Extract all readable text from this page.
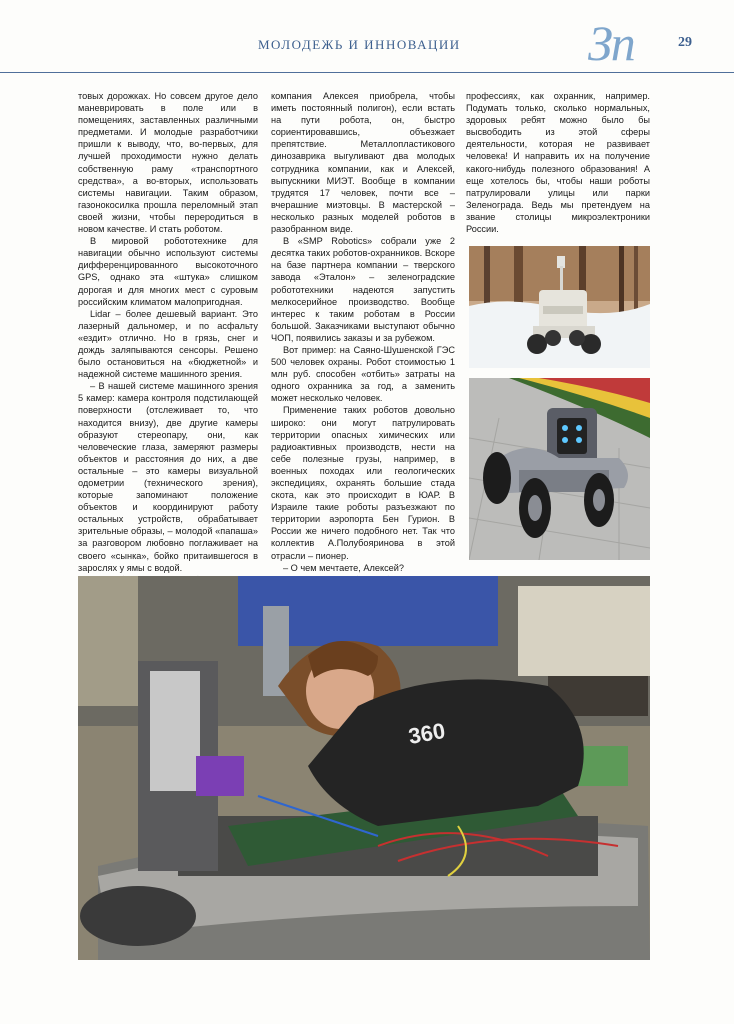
МОЛОДЕЖЬ И ИННОВАЦИИ	Зп	29

товых дорожках. Но совсем другое дело маневрировать в поле или в помещениях, заставленных различными предметами. И молодые разработчики пришли к выводу, что, во-первых, для лучшей проходимости нужно делать собственную раму «транспортного средства», а во-вторых, использовать системы навигации. Таким образом, газонокосилка прошла переломный этап своей жизни, чтобы переродиться в новом качестве. И стать роботом.

В мировой робототехнике для навигации обычно используют системы дифференцированного высокоточного GPS, однако эта «штука» слишком дорогая и для многих мест с суровым российским климатом малопригодная.

Lidar – более дешевый вариант. Это лазерный дальномер, и по асфальту «ездит» отлично. Но в грязь, снег и дождь заляпываются сенсоры. Решено было остановиться на «бюджетной» и надежной системе машинного зрения.

– В нашей системе машинного зрения 5 камер: камера контроля подстилающей поверхности (отслеживает то, что находится внизу), две другие камеры образуют стереопару, они, как человеческие глаза, замеряют размеры объектов и расстояния до них, а две остальные – это камеры визуальной одометрии (технического зрения), которые запоминают положение объектов и координируют работу остальных устройств, обрабатывает зрительные образы, – молодой «папаша» за разговором любовно поглаживает на своего «сынка», бойко притаившегося в зарослях у ямы с водой.

компания Алексея приобрела, чтобы иметь постоянный полигон), если встать на пути робота, он, быстро сориентировавшись, объезжает препятствие. Металлопластикового динозаврика выгуливают два молодых сотрудника компании, как и Алексей, выпускники МИЭТ. Вообще в компании трудятся 17 человек, почти все – вчерашние миэтовцы. В мастерской – несколько разных моделей роботов в разобранном виде.

В «SMP Robotics» собрали уже 2 десятка таких роботов-охранников. Вскоре на базе партнера компании – тверского завода «Эталон» – зеленоградские робототехники надеются запустить мелкосерийное производство. Вообще интерес к таким роботам в России большой. Заказчиками выступают обычно ЧОП, появились заказы и за рубежом.

Вот пример: на Саяно-Шушенской ГЭС 500 человек охраны. Робот стоимостью 1 млн руб. способен «отбить» затраты на одного охранника за год, а заменить может несколько человек.

Применение таких роботов довольно широко: они могут патрулировать территории опасных химических или радиоактивных производств, нести на себе полезные грузы, например, в военных походах или геологических экспедициях, охранять большие стада скота, как это происходит в ЮАР. В Израиле такие роботы разъезжают по территории аэропорта Бен Гурион. В России же ничего подобного нет. Так что коллектив А.Полубояринова в этой отрасли – пионер.

– О чем мечтаете, Алексей?

профессиях, как охранник, например. Подумать только, сколько нормальных, здоровых ребят можно было бы высвободить из этой сферы деятельности, которая не развивает человека! И направить их на получение какого-нибудь полезного образования! А еще хотелось бы, чтобы наши роботы патрулировали улицы или парки Зеленограда. Ведь мы претендуем на звание столицы микроэлектроники России.

360
